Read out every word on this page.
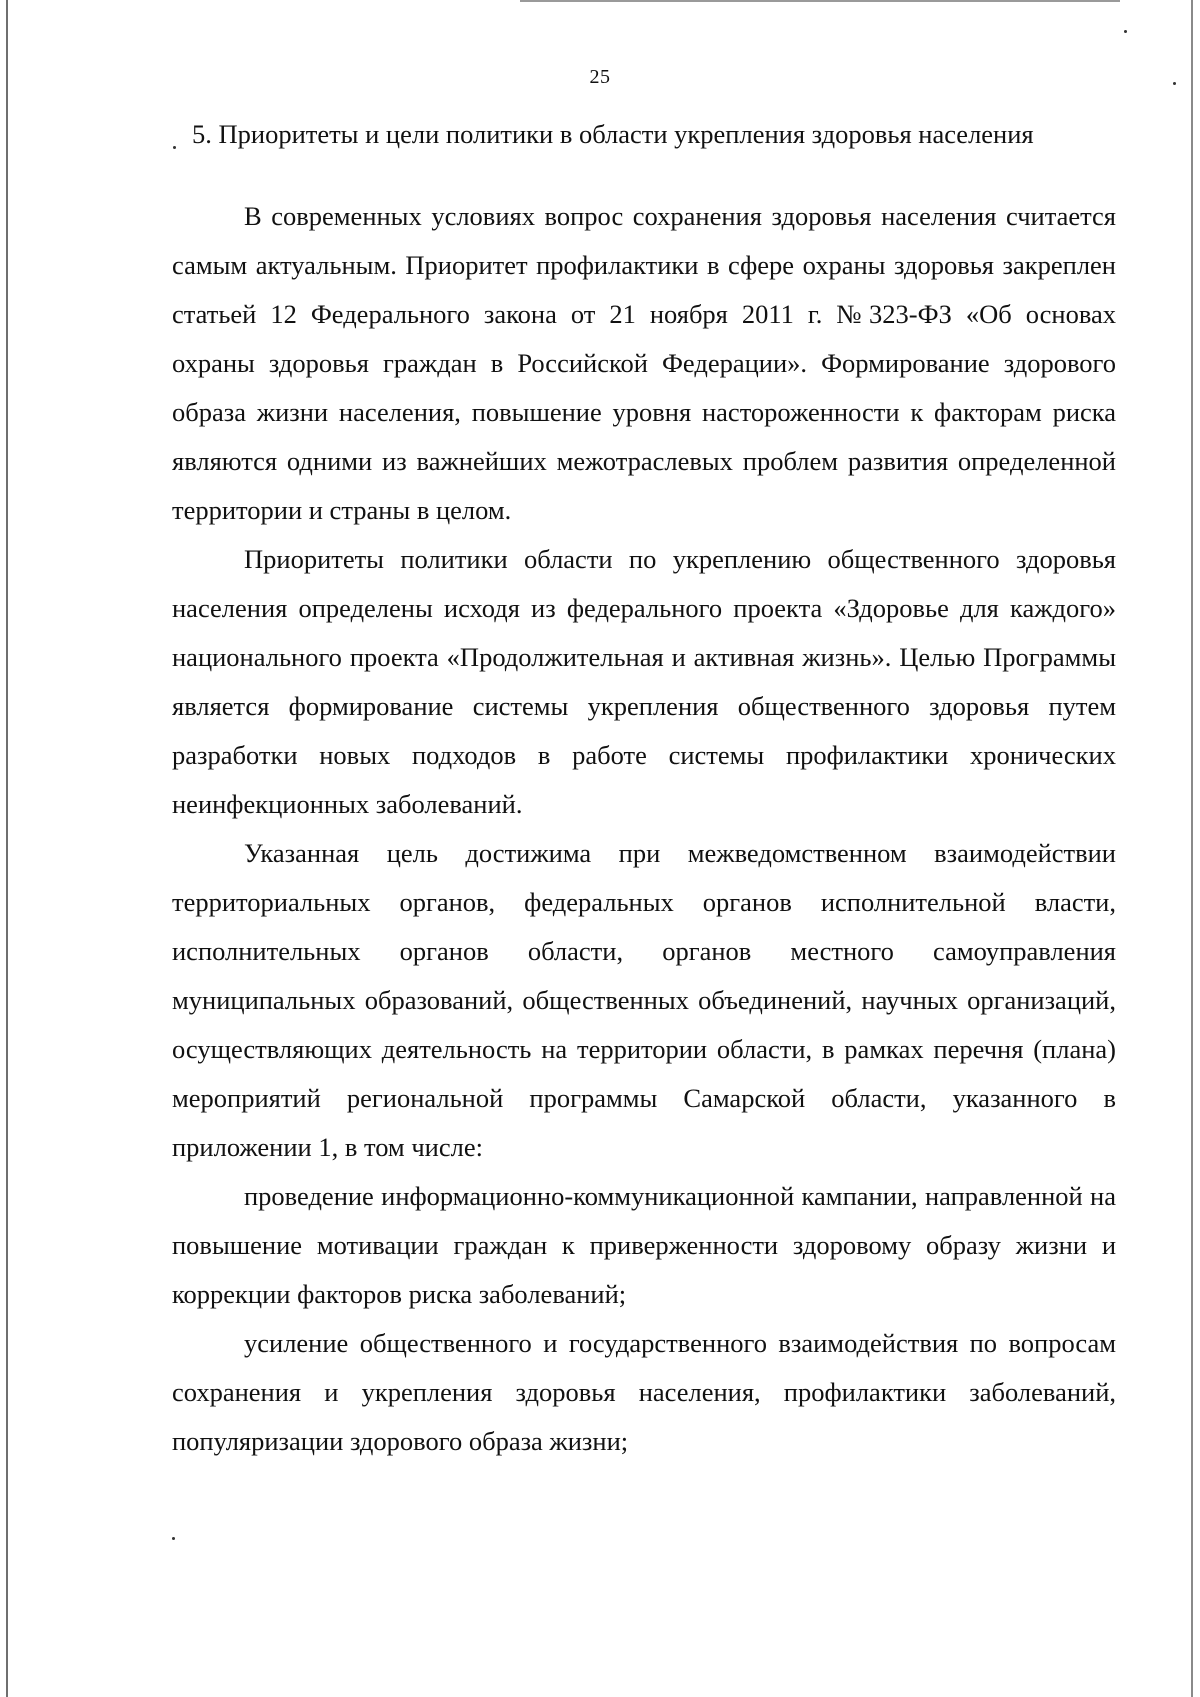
25
5. Приоритеты и цели политики в области укрепления здоровья населения

В современных условиях вопрос сохранения здоровья населения считается самым актуальным. Приоритет профилактики в сфере охраны здоровья закреплен статьей 12 Федерального закона от 21 ноября 2011 г. №323-ФЗ «Об основах охраны здоровья граждан в Российской Федерации». Формирование здорового образа жизни населения, повышение уровня настороженности к факторам риска являются одними из важнейших межотраслевых проблем развития определенной территории и страны в целом.

Приоритеты политики области по укреплению общественного здоровья населения определены исходя из федерального проекта «Здоровье для каждого» национального проекта «Продолжительная и активная жизнь». Целью Программы является формирование системы укрепления общественного здоровья путем разработки новых подходов в работе системы профилактики хронических неинфекционных заболеваний.

Указанная цель достижима при межведомственном взаимодействии территориальных органов, федеральных органов исполнительной власти, исполнительных органов области, органов местного самоуправления муниципальных образований, общественных объединений, научных организаций, осуществляющих деятельность на территории области, в рамках перечня (плана) мероприятий региональной программы Самарской области, указанного в приложении 1, в том числе:

проведение информационно-коммуникационной кампании, направленной на повышение мотивации граждан к приверженности здоровому образу жизни и коррекции факторов риска заболеваний;

усиление общественного и государственного взаимодействия по вопросам сохранения и укрепления здоровья населения, профилактики заболеваний, популяризации здорового образа жизни;
